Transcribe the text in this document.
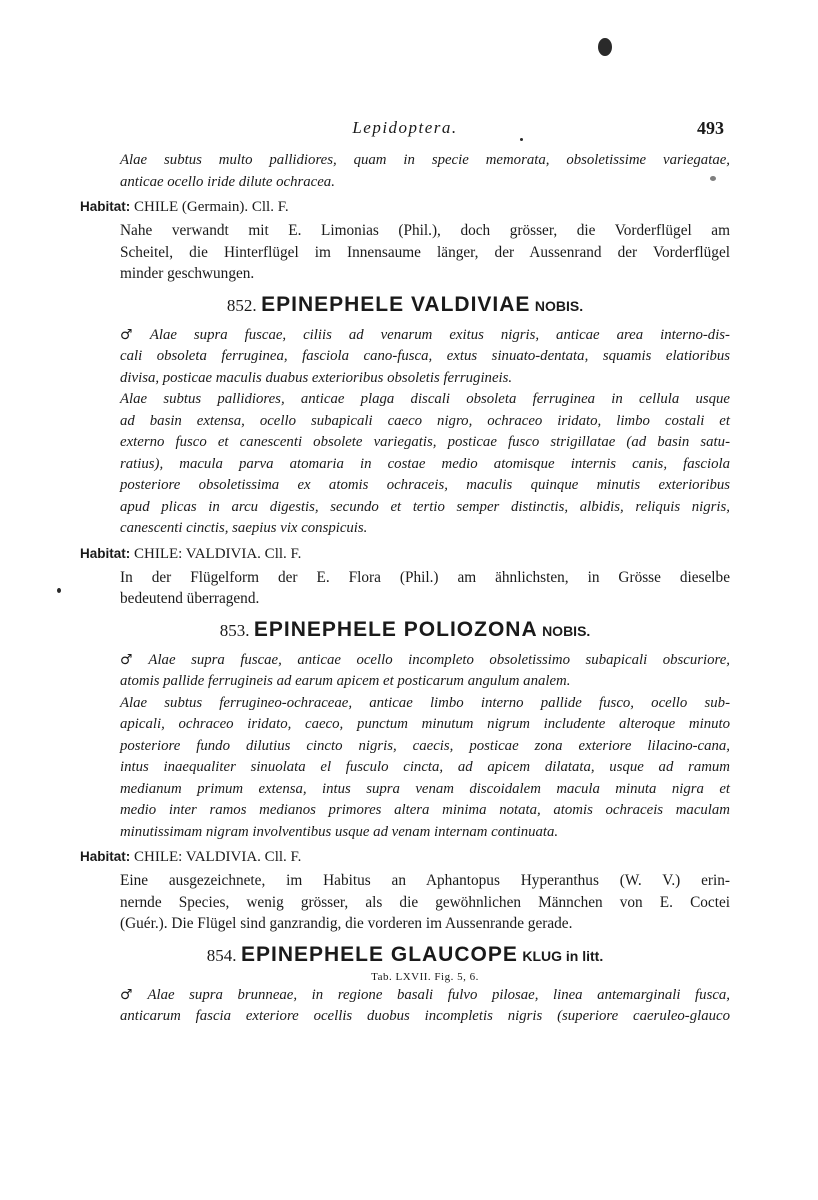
Lepidoptera.	493

Alae subtus multo pallidiores, quam in specie memorata, obsoletissime variegatae,
anticae ocello iride dilute ochracea.

Habitat: CHILE (Germain). Cll. F.

Nahe verwandt mit E. Limonias (Phil.), doch grösser, die Vorderflügel am
Scheitel, die Hinterflügel im Innensaume länger, der Aussenrand der Vorderflügel
minder geschwungen.

852. EPINEPHELE VALDIVIAE NOBIS.

♂ Alae supra fuscae, ciliis ad venarum exitus nigris, anticae area interno-dis-
cali obsoleta ferruginea, fasciola cano-fusca, extus sinuato-dentata, squamis elatioribus
divisa, posticae maculis duabus exterioribus obsoletis ferrugineis.

Alae subtus pallidiores, anticae plaga discali obsoleta ferruginea in cellula usque
ad basin extensa, ocello subapicali caeco nigro, ochraceo iridato, limbo costali et
externo fusco et canescenti obsolete variegatis, posticae fusco strigillatae (ad basin satu-
ratius), macula parva atomaria in costae medio atomisque internis canis, fasciola
posteriore obsoletissima ex atomis ochraceis, maculis quinque minutis exterioribus
apud plicas in arcu digestis, secundo et tertio semper distinctis, albidis, reliquis nigris,
canescenti cinctis, saepius vix conspicuis.

Habitat: CHILE: VALDIVIA. Cll. F.

In der Flügelform der E. Flora (Phil.) am ähnlichsten, in Grösse dieselbe
bedeutend überragend.

853. EPINEPHELE POLIOZONA NOBIS.

♂ Alae supra fuscae, anticae ocello incompleto obsoletissimo subapicali obscuriore,
atomis pallide ferrugineis ad earum apicem et posticarum angulum analem.

Alae subtus ferrugineo-ochraceae, anticae limbo interno pallide fusco, ocello sub-
apicali, ochraceo iridato, caeco, punctum minutum nigrum includente alteroque minuto
posteriore fundo dilutius cincto nigris, caecis, posticae zona exteriore lilacino-cana,
intus inaequaliter sinuolata el fusculo cincta, ad apicem dilatata, usque ad ramum
medianum primum extensa, intus supra venam discoidalem macula minuta nigra et
medio inter ramos medianos primores altera minima notata, atomis ochraceis maculam
minutissimam nigram involventibus usque ad venam internam continuata.

Habitat: CHILE: VALDIVIA. Cll. F.

Eine ausgezeichnete, im Habitus an Aphantopus Hyperanthus (W. V.) erin-
nernde Species, wenig grösser, als die gewöhnlichen Männchen von E. Coctei
(Guér.). Die Flügel sind ganzrandig, die vorderen im Aussenrande gerade.

854. EPINEPHELE GLAUCOPE KLUG in litt.
Tab. LXVII. Fig. 5, 6.

♂ Alae supra brunneae, in regione basali fulvo pilosae, linea antemarginali fusca,
anticarum fascia exteriore ocellis duobus incompletis nigris (superiore caeruleo-glauco
